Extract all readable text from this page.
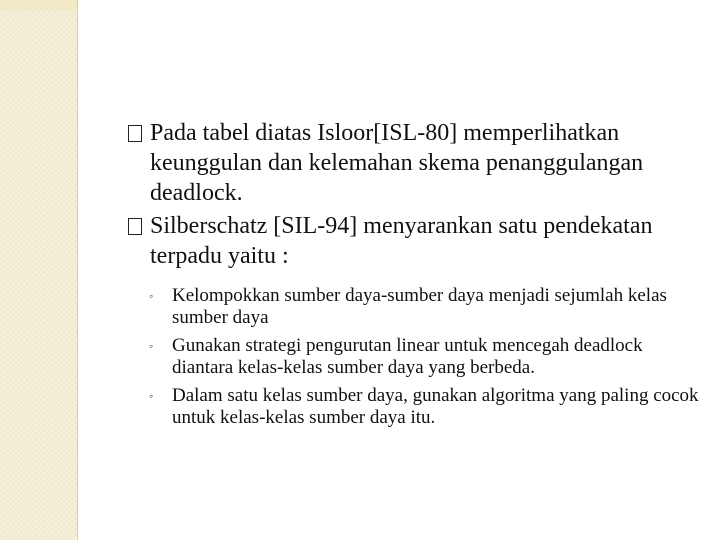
Pada tabel diatas Isloor[ISL-80] memperlihatkan keunggulan dan kelemahan skema penanggulangan deadlock.
Silberschatz [SIL-94] menyarankan satu pendekatan terpadu yaitu :
◦ Kelompokkan sumber daya-sumber daya menjadi sejumlah kelas sumber daya
◦ Gunakan strategi pengurutan linear untuk mencegah deadlock diantara kelas-kelas sumber daya yang berbeda.
◦ Dalam satu kelas sumber daya, gunakan algoritma yang paling cocok untuk kelas-kelas sumber daya itu.
